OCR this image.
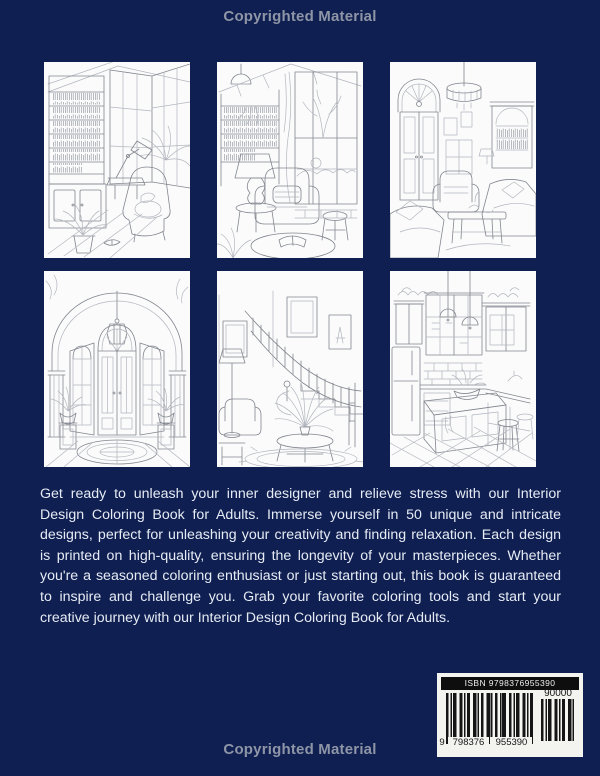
Copyrighted Material
Get ready to unleash your inner designer and relieve stress with our Interior Design Coloring Book for Adults. Immerse yourself in 50 unique and intricate designs, perfect for unleashing your creativity and finding relaxation. Each design is printed on high-quality, ensuring the longevity of your masterpieces. Whether you're a seasoned coloring enthusiast or just starting out, this book is guaranteed to inspire and challenge you. Grab your favorite coloring tools and start your creative journey with our Interior Design Coloring Book for Adults.
ISBN 9798376955390
9 798376	955390
90000
Copyrighted Material
